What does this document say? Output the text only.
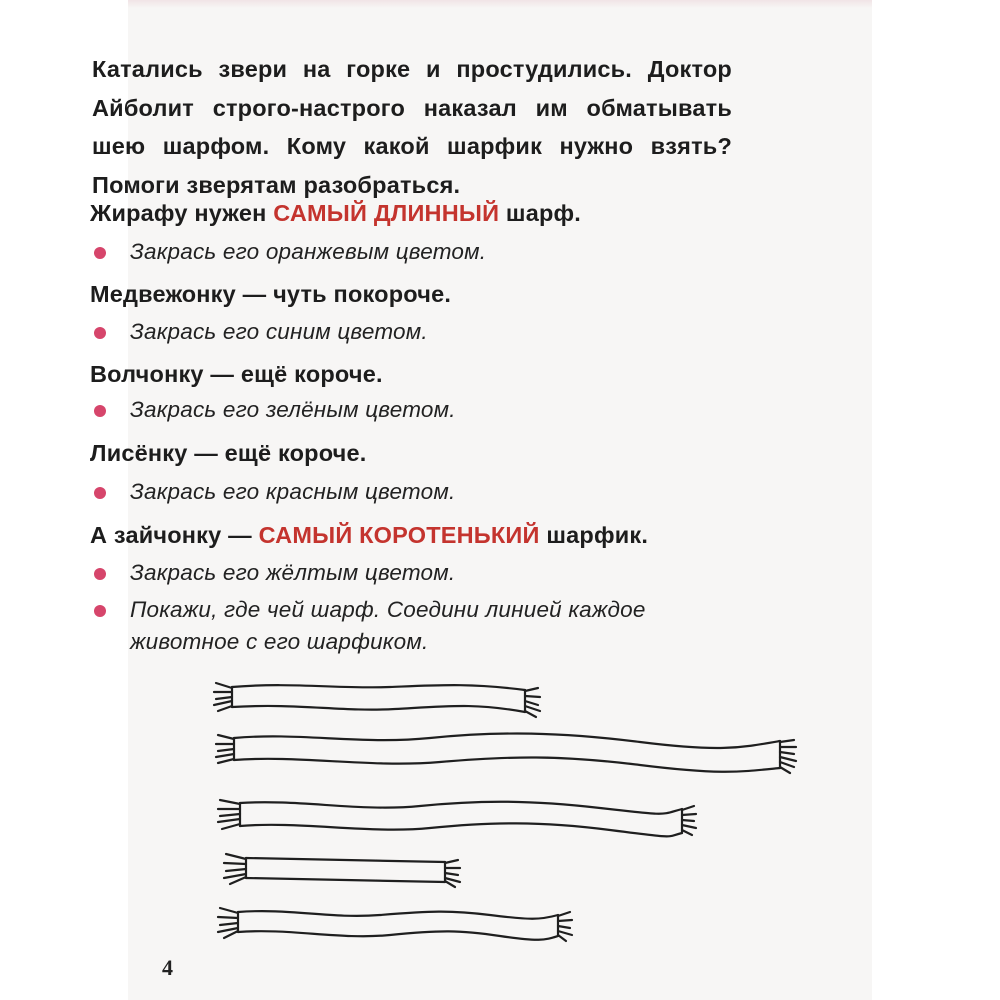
Катались звери на горке и простудились. Доктор Айболит строго-настрого наказал им обматывать шею шарфом. Кому какой шарфик нужно взять? Помоги зверятам разобраться.
Жирафу нужен САМЫЙ ДЛИННЫЙ шарф.
Закрась его оранжевым цветом.
Медвежонку — чуть покороче.
Закрась его синим цветом.
Волчонку — ещё короче.
Закрась его зелёным цветом.
Лисёнку — ещё короче.
Закрась его красным цветом.
А зайчонку — САМЫЙ КОРОТЕНЬКИЙ шарфик.
Закрась его жёлтым цветом.
Покажи, где чей шарф. Соедини линией каждое животное с его шарфиком.
4
